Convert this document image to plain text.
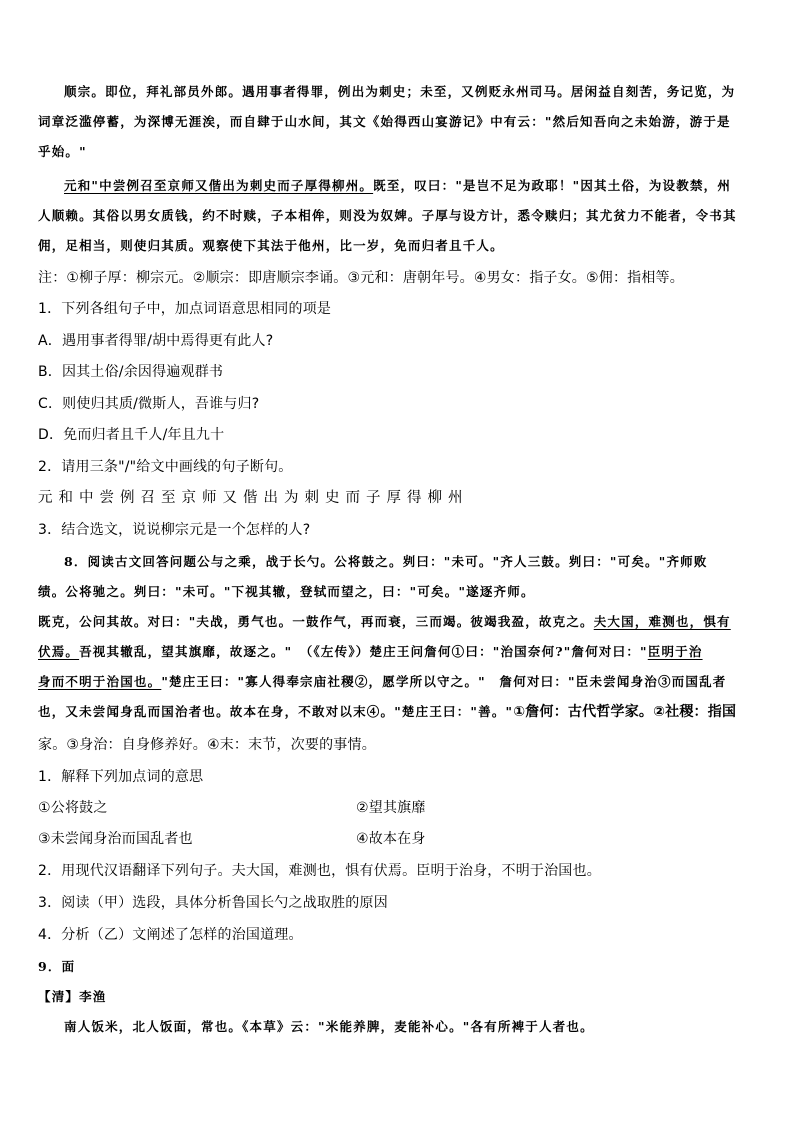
顺宗。即位，拜礼部员外郎。遇用事者得罪，例出为刺史；未至，又例贬永州司马。居闲益自刻苦，务记览，为
词章泛滥停蓄，为深博无涯涘，而自肆于山水间，其文《始得西山宴游记》中有云："然后知吾向之未始游，游于是
乎始。"
元和"中尝例召至京师又偕出为刺史而子厚得柳州。既至，叹曰："是岂不足为政耶！"因其土俗，为设教禁，州
人顺赖。其俗以男女质钱，约不时赎，子本相侔，则没为奴婢。子厚与设方计，悉令赎归；其尤贫力不能者，令书其
佣，足相当，则使归其质。观察使下其法于他州，比一岁，免而归者且千人。
注：①柳子厚：柳宗元。②顺宗：即唐顺宗李诵。③元和：唐朝年号。④男女：指子女。⑤佣：指相等。
1．下列各组句子中，加点词语意思相同的项是
A．遇用事者得罪/胡中焉得更有此人?
B．因其土俗/余因得遍观群书
C．则使归其质/微斯人，吾谁与归?
D．免而归者且千人/年且九十
2．请用三条"/"给文中画线的句子断句。
元和中尝例召至京师又偕出为刺史而子厚得柳州
3．结合选文，说说柳宗元是一个怎样的人?
8．阅读古文回答问题公与之乘，战于长勺。公将鼓之。刿曰："未可。"齐人三鼓。刿曰："可矣。"齐师败
绩。公将驰之。刿曰："未可。"下视其辙，登轼而望之，曰："可矣。"遂逐齐师。
既克，公问其故。对曰："夫战，勇气也。一鼓作气，再而衰，三而竭。彼竭我盈，故克之。夫大国，难测也，惧有
伏焉。吾视其辙乱，望其旗靡，故逐之。"　（《左传》）楚庄王问詹何①曰："治国奈何?"詹何对曰："臣明于治
身而不明于治国也。"楚庄王曰："寡人得奉宗庙社稷②，愿学所以守之。"　詹何对曰："臣未尝闻身治③而国乱者
也，又未尝闻身乱而国治者也。故本在身，不敢对以末④。"楚庄王曰："善。"①詹何：古代哲学家。②社稷：指国
家。③身治：自身修养好。④末：末节，次要的事情。
1．解释下列加点词的意思
①公将鼓之	②望其旗靡
③未尝闻身治而国乱者也	④故本在身
2．用现代汉语翻译下列句子。夫大国，难测也，惧有伏焉。臣明于治身，不明于治国也。
3．阅读（甲）选段，具体分析鲁国长勺之战取胜的原因
4．分析（乙）文阐述了怎样的治国道理。
9．面
【清】李渔
南人饭米，北人饭面，常也。《本草》云："米能养脾，麦能补心。"各有所裨于人者也。
